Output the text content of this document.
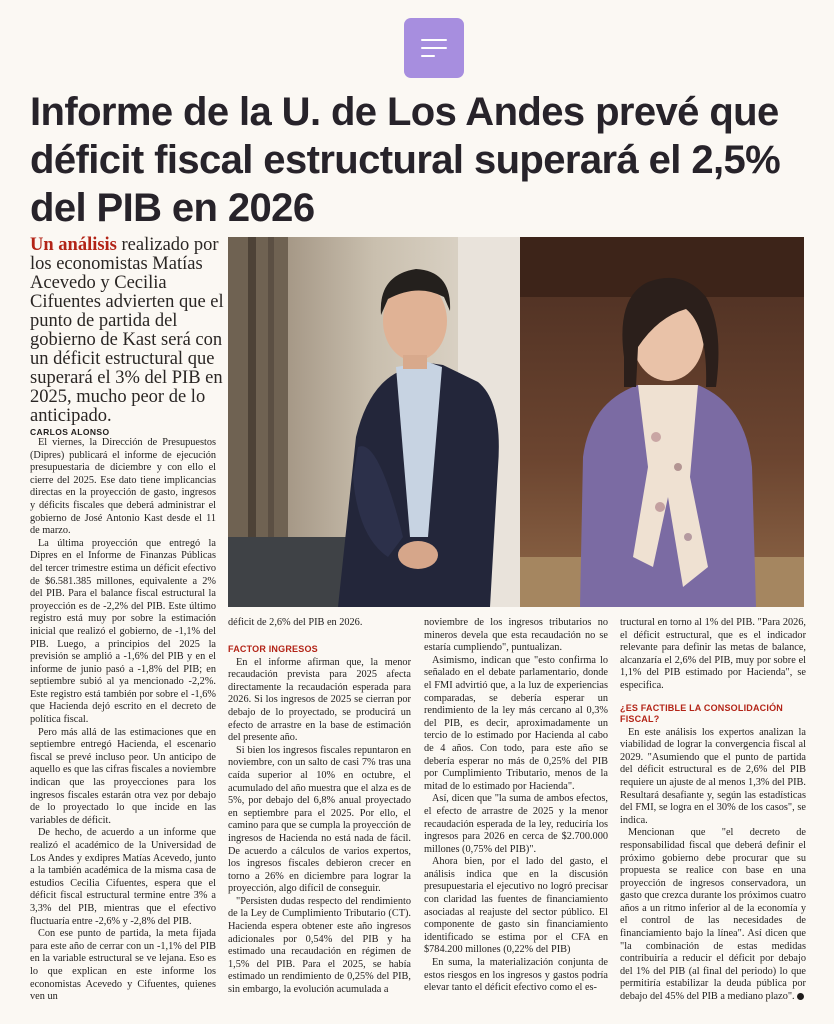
Informe de la U. de Los Andes prevé que déficit fiscal estructural superará el 2,5% del PIB en 2026
Un análisis realizado por los economistas Matías Acevedo y Cecilia Cifuentes advierten que el punto de partida del gobierno de Kast será con un déficit estructural que superará el 3% del PIB en 2025, mucho peor de lo anticipado.
CARLOS ALONSO

El viernes, la Dirección de Presupuestos (Dipres) publicará el informe de ejecución presupuestaria de diciembre y con ello el cierre del 2025. Ese dato tiene implicancias directas en la proyección de gasto, ingresos y déficits fiscales que deberá administrar el gobierno de José Antonio Kast desde el 11 de marzo.

La última proyección que entregó la Dipres en el Informe de Finanzas Públicas del tercer trimestre estima un déficit efectivo de $6.581.385 millones, equivalente a 2% del PIB. Para el balance fiscal estructural la proyección es de -2,2% del PIB. Este último registro está muy por sobre la estimación inicial que realizó el gobierno, de -1,1% del PIB. Luego, a principios del 2025 la previsión se amplió a -1,6% del PIB y en el informe de junio pasó a -1,8% del PIB; en septiembre subió al ya mencionado -2,2%. Este registro está también por sobre el -1,6% que Hacienda dejó escrito en el decreto de política fiscal.

Pero más allá de las estimaciones que en septiembre entregó Hacienda, el escenario fiscal se prevé incluso peor. Un anticipo de aquello es que las cifras fiscales a noviembre indican que las proyecciones para los ingresos fiscales estarán otra vez por debajo de lo proyectado lo que incide en las variables de déficit.

De hecho, de acuerdo a un informe que realizó el académico de la Universidad de Los Andes y exdipres Matías Acevedo, junto a la también académica de la misma casa de estudios Cecilia Cifuentes, espera que el déficit fiscal estructural termine entre 3% a 3,3% del PIB, mientras que el efectivo fluctuaría entre -2,6% y -2,8% del PIB.

Con ese punto de partida, la meta fijada para este año de cerrar con un -1,1% del PIB en la variable estructural se ve lejana. Eso es lo que explican en este informe los economistas Acevedo y Cifuentes, quienes ven un

déficit de 2,6% del PIB en 2026.

FACTOR INGRESOS

En el informe afirman que, la menor recaudación prevista para 2025 afecta directamente la recaudación esperada para 2026. Si los ingresos de 2025 se cierran por debajo de lo proyectado, se producirá un efecto de arrastre en la base de estimación del presente año.

Si bien los ingresos fiscales repuntaron en noviembre, con un salto de casi 7% tras una caída superior al 10% en octubre, el acumulado del año muestra que el alza es de 5%, por debajo del 6,8% anual proyectado en septiembre para el 2025. Por ello, el camino para que se cumpla la proyección de ingresos de Hacienda no está nada de fácil. De acuerdo a cálculos de varios expertos, los ingresos fiscales debieron crecer en torno a 26% en diciembre para lograr la proyección, algo difícil de conseguir.

"Persisten dudas respecto del rendimiento de la Ley de Cumplimiento Tributario (CT). Hacienda espera obtener este año ingresos adicionales por 0,54% del PIB y ha estimado una recaudación en régimen de 1,5% del PIB. Para el 2025, se había estimado un rendimiento de 0,25% del PIB, sin embargo, la evolución acumulada a

noviembre de los ingresos tributarios no mineros devela que esta recaudación no se estaría cumpliendo", puntualizan.

Asimismo, indican que "esto confirma lo señalado en el debate parlamentario, donde el FMI advirtió que, a la luz de experiencias comparadas, se debería esperar un rendimiento de la ley más cercano al 0,3% del PIB, es decir, aproximadamente un tercio de lo estimado por Hacienda al cabo de 4 años. Con todo, para este año se debería esperar no más de 0,25% del PIB por Cumplimiento Tributario, menos de la mitad de lo estimado por Hacienda".

Así, dicen que "la suma de ambos efectos, el efecto de arrastre de 2025 y la menor recaudación esperada de la ley, reduciría los ingresos para 2026 en cerca de $2.700.000 millones (0,75% del PIB)".

Ahora bien, por el lado del gasto, el análisis indica que en la discusión presupuestaria el ejecutivo no logró precisar con claridad las fuentes de financiamiento asociadas al reajuste del sector público. El componente de gasto sin financiamiento identificado se estima por el CFA en $784.200 millones (0,22% del PIB)

En suma, la materialización conjunta de estos riesgos en los ingresos y gastos podría elevar tanto el déficit efectivo como el es-

tructural en torno al 1% del PIB. "Para 2026, el déficit estructural, que es el indicador relevante para definir las metas de balance, alcanzaría el 2,6% del PIB, muy por sobre el 1,1% del PIB estimado por Hacienda", se especifica.

¿ES FACTIBLE LA CONSOLIDACIÓN FISCAL?

En este análisis los expertos analizan la viabilidad de lograr la convergencia fiscal al 2029. "Asumiendo que el punto de partida del déficit estructural es de 2,6% del PIB requiere un ajuste de al menos 1,3% del PIB. Resultará desafiante y, según las estadísticas del FMI, se logra en el 30% de los casos", se indica.

Mencionan que "el decreto de responsabilidad fiscal que deberá definir el próximo gobierno debe procurar que su propuesta se realice con base en una proyección de ingresos conservadora, un gasto que crezca durante los próximos cuatro años a un ritmo inferior al de la economía y el control de las necesidades de financiamiento bajo la línea". Así dicen que "la combinación de estas medidas contribuiría a reducir el déficit por debajo del 1% del PIB (al final del periodo) lo que permitiría estabilizar la deuda pública por debajo del 45% del PIB a mediano plazo".
